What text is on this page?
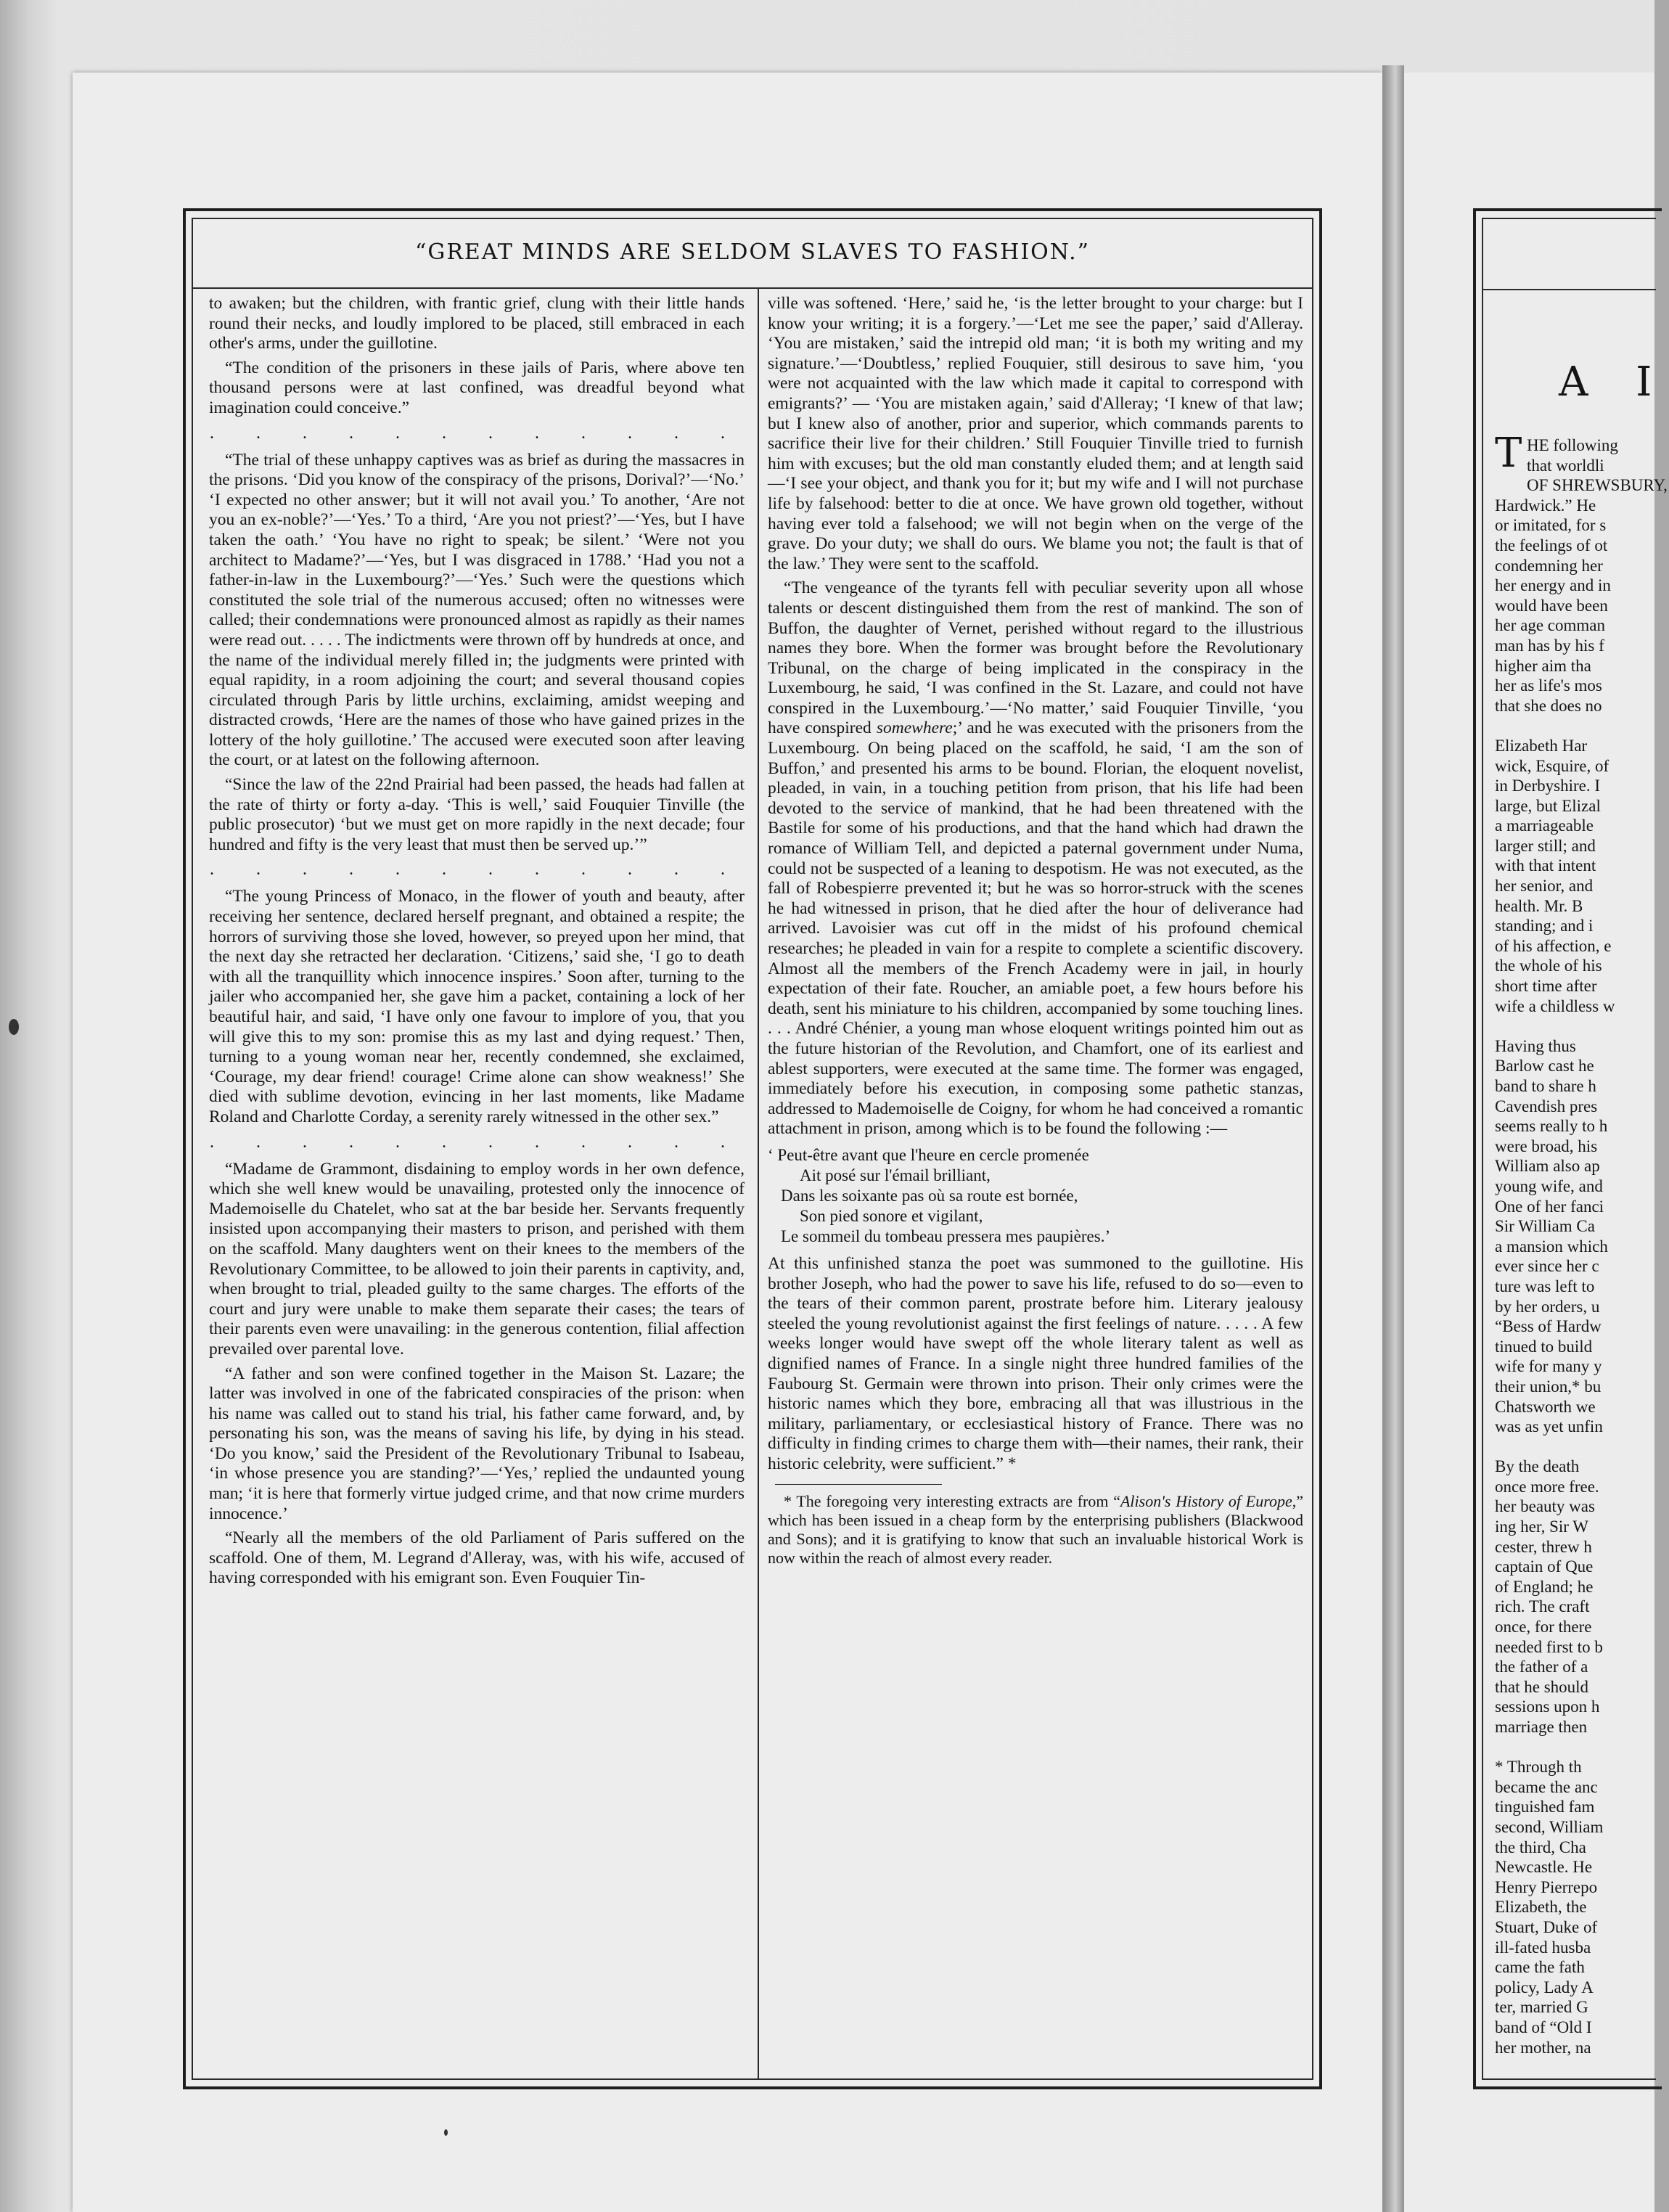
“GREAT MINDS ARE SELDOM SLAVES TO FASHION.”

to awaken; but the children, with frantic grief, clung with their little hands round their necks, and loudly implored to be placed, still embraced in each other's arms, under the guillotine.

“The condition of the prisoners in these jails of Paris, where above ten thousand persons were at last confined, was dreadful beyond what imagination could conceive.”

. . . . . . . . . . . .

“The trial of these unhappy captives was as brief as during the massacres in the prisons. ‘Did you know of the conspiracy of the prisons, Dorival?’—‘No.’ ‘I expected no other answer; but it will not avail you.’ To another, ‘Are not you an ex-noble?’—‘Yes.’ To a third, ‘Are you not priest?’—‘Yes, but I have taken the oath.’ ‘You have no right to speak; be silent.’ ‘Were not you architect to Madame?’—‘Yes, but I was disgraced in 1788.’ ‘Had you not a father-in-law in the Luxembourg?’—‘Yes.’ Such were the questions which constituted the sole trial of the numerous accused; often no witnesses were called; their condemnations were pronounced almost as rapidly as their names were read out. . . . . The indictments were thrown off by hundreds at once, and the name of the individual merely filled in; the judgments were printed with equal rapidity, in a room adjoining the court; and several thousand copies circulated through Paris by little urchins, exclaiming, amidst weeping and distracted crowds, ‘Here are the names of those who have gained prizes in the lottery of the holy guillotine.’ The accused were executed soon after leaving the court, or at latest on the following afternoon.

“Since the law of the 22nd Prairial had been passed, the heads had fallen at the rate of thirty or forty a-day. ‘This is well,’ said Fouquier Tinville (the public prosecutor) ‘but we must get on more rapidly in the next decade; four hundred and fifty is the very least that must then be served up.’”

. . . . . . . . . . . .

“The young Princess of Monaco, in the flower of youth and beauty, after receiving her sentence, declared herself pregnant, and obtained a respite; the horrors of surviving those she loved, however, so preyed upon her mind, that the next day she retracted her declaration. ‘Citizens,’ said she, ‘I go to death with all the tranquillity which innocence inspires.’ Soon after, turning to the jailer who accompanied her, she gave him a packet, containing a lock of her beautiful hair, and said, ‘I have only one favour to implore of you, that you will give this to my son: promise this as my last and dying request.’ Then, turning to a young woman near her, recently condemned, she exclaimed, ‘Courage, my dear friend! courage! Crime alone can show weakness!’ She died with sublime devotion, evincing in her last moments, like Madame Roland and Charlotte Corday, a serenity rarely witnessed in the other sex.”

. . . . . . . . . . . .

“Madame de Grammont, disdaining to employ words in her own defence, which she well knew would be unavailing, protested only the innocence of Mademoiselle du Chatelet, who sat at the bar beside her. Servants frequently insisted upon accompanying their masters to prison, and perished with them on the scaffold. Many daughters went on their knees to the members of the Revolutionary Committee, to be allowed to join their parents in captivity, and, when brought to trial, pleaded guilty to the same charges. The efforts of the court and jury were unable to make them separate their cases; the tears of their parents even were unavailing: in the generous contention, filial affection prevailed over parental love.

“A father and son were confined together in the Maison St. Lazare; the latter was involved in one of the fabricated conspiracies of the prison: when his name was called out to stand his trial, his father came forward, and, by personating his son, was the means of saving his life, by dying in his stead. ‘Do you know,’ said the President of the Revolutionary Tribunal to Isabeau, ‘in whose presence you are standing?’—‘Yes,’ replied the undaunted young man; ‘it is here that formerly virtue judged crime, and that now crime murders innocence.’

“Nearly all the members of the old Parliament of Paris suffered on the scaffold. One of them, M. Legrand d'Alleray, was, with his wife, accused of having corresponded with his emigrant son. Even Fouquier Tin-

ville was softened. ‘Here,’ said he, ‘is the letter brought to your charge: but I know your writing; it is a forgery.’—‘Let me see the paper,’ said d'Alleray. ‘You are mistaken,’ said the intrepid old man; ‘it is both my writing and my signature.’—‘Doubtless,’ replied Fouquier, still desirous to save him, ‘you were not acquainted with the law which made it capital to correspond with emigrants?’ — ‘You are mistaken again,’ said d'Alleray; ‘I knew of that law; but I knew also of another, prior and superior, which commands parents to sacrifice their live for their children.’ Still Fouquier Tinville tried to furnish him with excuses; but the old man constantly eluded them; and at length said—‘I see your object, and thank you for it; but my wife and I will not purchase life by falsehood: better to die at once. We have grown old together, without having ever told a falsehood; we will not begin when on the verge of the grave. Do your duty; we shall do ours. We blame you not; the fault is that of the law.’ They were sent to the scaffold.

“The vengeance of the tyrants fell with peculiar severity upon all whose talents or descent distinguished them from the rest of mankind. The son of Buffon, the daughter of Vernet, perished without regard to the illustrious names they bore. When the former was brought before the Revolutionary Tribunal, on the charge of being implicated in the conspiracy in the Luxembourg, he said, ‘I was confined in the St. Lazare, and could not have conspired in the Luxembourg.’—‘No matter,’ said Fouquier Tinville, ‘you have conspired somewhere;’ and he was executed with the prisoners from the Luxembourg. On being placed on the scaffold, he said, ‘I am the son of Buffon,’ and presented his arms to be bound. Florian, the eloquent novelist, pleaded, in vain, in a touching petition from prison, that his life had been devoted to the service of mankind, that he had been threatened with the Bastile for some of his productions, and that the hand which had drawn the romance of William Tell, and depicted a paternal government under Numa, could not be suspected of a leaning to despotism. He was not executed, as the fall of Robespierre prevented it; but he was so horror-struck with the scenes he had witnessed in prison, that he died after the hour of deliverance had arrived. Lavoisier was cut off in the midst of his profound chemical researches; he pleaded in vain for a respite to complete a scientific discovery. Almost all the members of the French Academy were in jail, in hourly expectation of their fate. Roucher, an amiable poet, a few hours before his death, sent his miniature to his children, accompanied by some touching lines. . . . André Chénier, a young man whose eloquent writings pointed him out as the future historian of the Revolution, and Chamfort, one of its earliest and ablest supporters, were executed at the same time. The former was engaged, immediately before his execution, in composing some pathetic stanzas, addressed to Mademoiselle de Coigny, for whom he had conceived a romantic attachment in prison, among which is to be found the following :—

‘ Peut-être avant que l'heure en cercle promenée
Ait posé sur l'émail brilliant,
Dans les soixante pas où sa route est bornée,
Son pied sonore et vigilant,
Le sommeil du tombeau pressera mes paupières.’

At this unfinished stanza the poet was summoned to the guillotine. His brother Joseph, who had the power to save his life, refused to do so—even to the tears of their common parent, prostrate before him. Literary jealousy steeled the young revolutionist against the first feelings of nature. . . . . A few weeks longer would have swept off the whole literary talent as well as dignified names of France. In a single night three hundred families of the Faubourg St. Germain were thrown into prison. Their only crimes were the historic names which they bore, embracing all that was illustrious in the military, parliamentary, or ecclesiastical history of France. There was no difficulty in finding crimes to charge them with—their names, their rank, their historic celebrity, were sufficient.” *

* The foregoing very interesting extracts are from “Alison's History of Europe,” which has been issued in a cheap form by the enterprising publishers (Blackwood and Sons); and it is gratifying to know that such an invaluable historical Work is now within the reach of almost every reader.

A I
T HE following
that worldli
OF SHREWSBURY,
Hardwick.” He
or imitated, for s
the feelings of ot
condemning her
her energy and in
would have been
her age comman
man has by his f
higher aim tha
her as life's mos
that she does no
Elizabeth Har
wick, Esquire, of
in Derbyshire. I
large, but Elizal
a marriageable
larger still; and
with that intent
her senior, and
health. Mr. B
standing; and i
of his affection, e
the whole of his
short time after
wife a childless w
Having thus
Barlow cast he
band to share h
Cavendish pres
seems really to h
were broad, his
William also ap
young wife, and
One of her fanci
Sir William Ca
a mansion which
ever since her c
ture was left to
by her orders, u
“Bess of Hardw
tinued to build
wife for many y
their union,* bu
Chatsworth we
was as yet unfin
By the death
once more free.
her beauty was
ing her, Sir W
cester, threw h
captain of Que
of England; he
rich. The craft
once, for there
needed first to b
the father of a
that he should
sessions upon h
marriage then
* Through th
became the anc
tinguished fam
second, William
the third, Cha
Newcastle. He
Henry Pierrepo
Elizabeth, the
Stuart, Duke of
ill-fated husba
came the fath
policy, Lady A
ter, married G
band of “Old I
her mother, na
